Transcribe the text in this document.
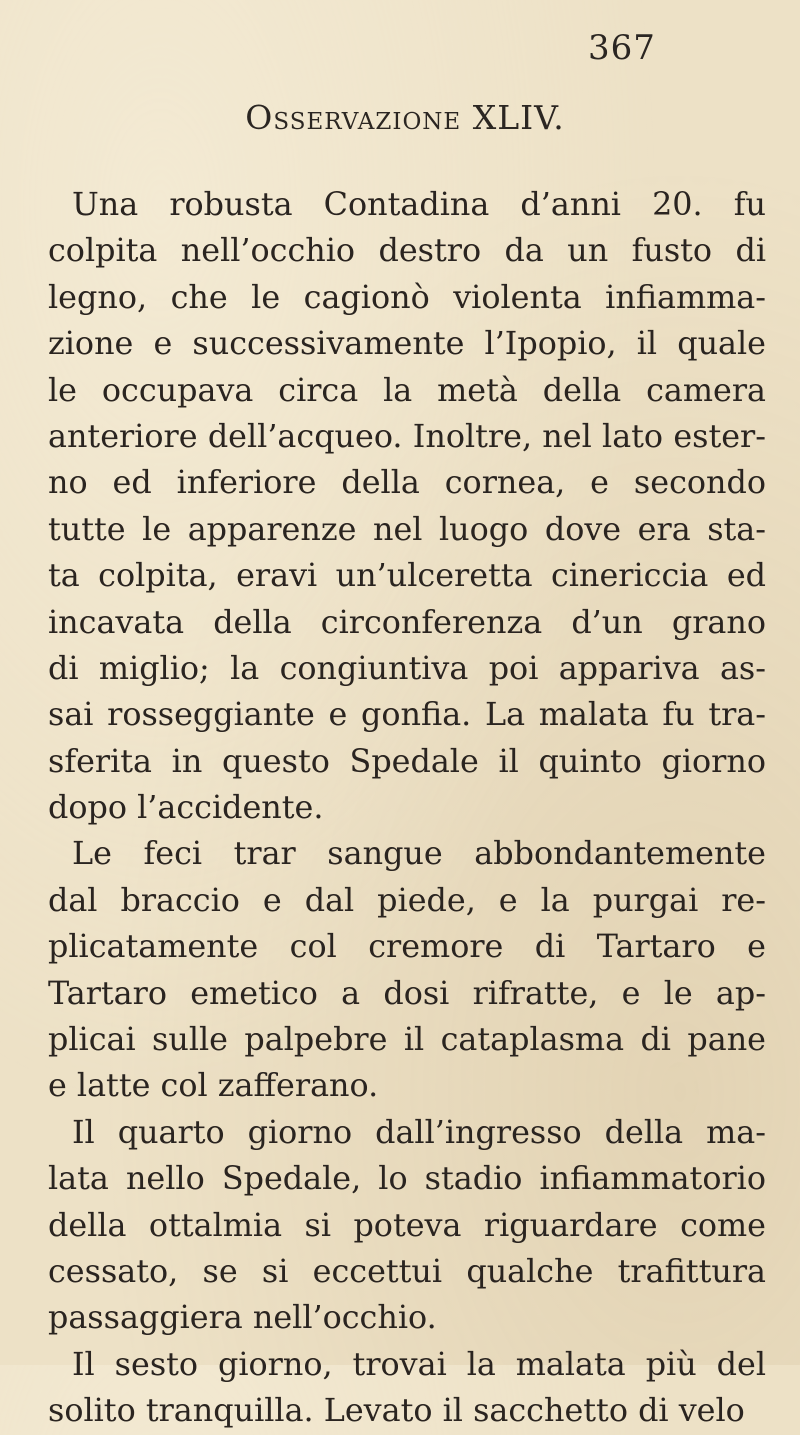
367
Osservazione XLIV.
Una robusta Contadina d’anni 20. fu
colpita nell’occhio destro da un fusto di
legno, che le cagionò violenta infiamma-
zione e successivamente l’Ipopio, il quale
le occupava circa la metà della camera
anteriore dell’acqueo. Inoltre, nel lato ester-
no ed inferiore della cornea, e secondo
tutte le apparenze nel luogo dove era sta-
ta colpita, eravi un’ulceretta cinericcia ed
incavata della circonferenza d’un grano
di miglio; la congiuntiva poi appariva as-
sai rosseggiante e gonfia. La malata fu tra-
sferita in questo Spedale il quinto giorno
dopo l’accidente.
Le feci trar sangue abbondantemente
dal braccio e dal piede, e la purgai re-
plicatamente col cremore di Tartaro e
Tartaro emetico a dosi rifratte, e le ap-
plicai sulle palpebre il cataplasma di pane
e latte col zafferano.
Il quarto giorno dall’ingresso della ma-
lata nello Spedale, lo stadio infiammatorio
della ottalmia si poteva riguardare come
cessato, se si eccettui qualche trafittura
passaggiera nell’occhio.
Il sesto giorno, trovai la malata più del
solito tranquilla. Levato il sacchetto di velo
